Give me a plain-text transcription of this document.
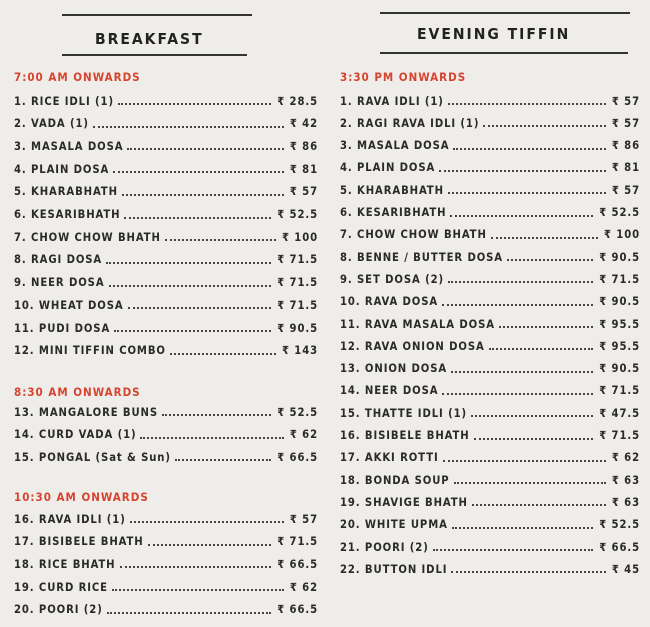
BREAKFAST
7:00 AM ONWARDS
1. RICE IDLI (1)	₹ 28.5
2. VADA (1)	₹ 42
3. MASALA DOSA	₹ 86
4. PLAIN DOSA	₹ 81
5. KHARABHATH	₹ 57
6. KESARIBHATH	₹ 52.5
7. CHOW CHOW BHATH	₹ 100
8. RAGI DOSA	₹ 71.5
9. NEER DOSA	₹ 71.5
10. WHEAT DOSA	₹ 71.5
11. PUDI DOSA	₹ 90.5
12. MINI TIFFIN COMBO	₹ 143
8:30 AM ONWARDS
13. MANGALORE BUNS	₹ 52.5
14. CURD VADA (1)	₹ 62
15. PONGAL (Sat & Sun)	₹ 66.5
10:30 AM ONWARDS
16. RAVA IDLI (1)	₹ 57
17. BISIBELE BHATH	₹ 71.5
18. RICE BHATH	₹ 66.5
19. CURD RICE	₹ 62
20. POORI (2)	₹ 66.5
EVENING TIFFIN
3:30 PM ONWARDS
1. RAVA IDLI (1)	₹ 57
2. RAGI RAVA IDLI (1)	₹ 57
3. MASALA DOSA	₹ 86
4. PLAIN DOSA	₹ 81
5. KHARABHATH	₹ 57
6. KESARIBHATH	₹ 52.5
7. CHOW CHOW BHATH	₹ 100
8. BENNE / BUTTER DOSA	₹ 90.5
9. SET DOSA (2)	₹ 71.5
10. RAVA DOSA	₹ 90.5
11. RAVA MASALA DOSA	₹ 95.5
12. RAVA ONION DOSA	₹ 95.5
13. ONION DOSA	₹ 90.5
14. NEER DOSA	₹ 71.5
15. THATTE IDLI (1)	₹ 47.5
16. BISIBELE BHATH	₹ 71.5
17. AKKI ROTTI	₹ 62
18. BONDA SOUP	₹ 63
19. SHAVIGE BHATH	₹ 63
20. WHITE UPMA	₹ 52.5
21. POORI (2)	₹ 66.5
22. BUTTON IDLI	₹ 45
